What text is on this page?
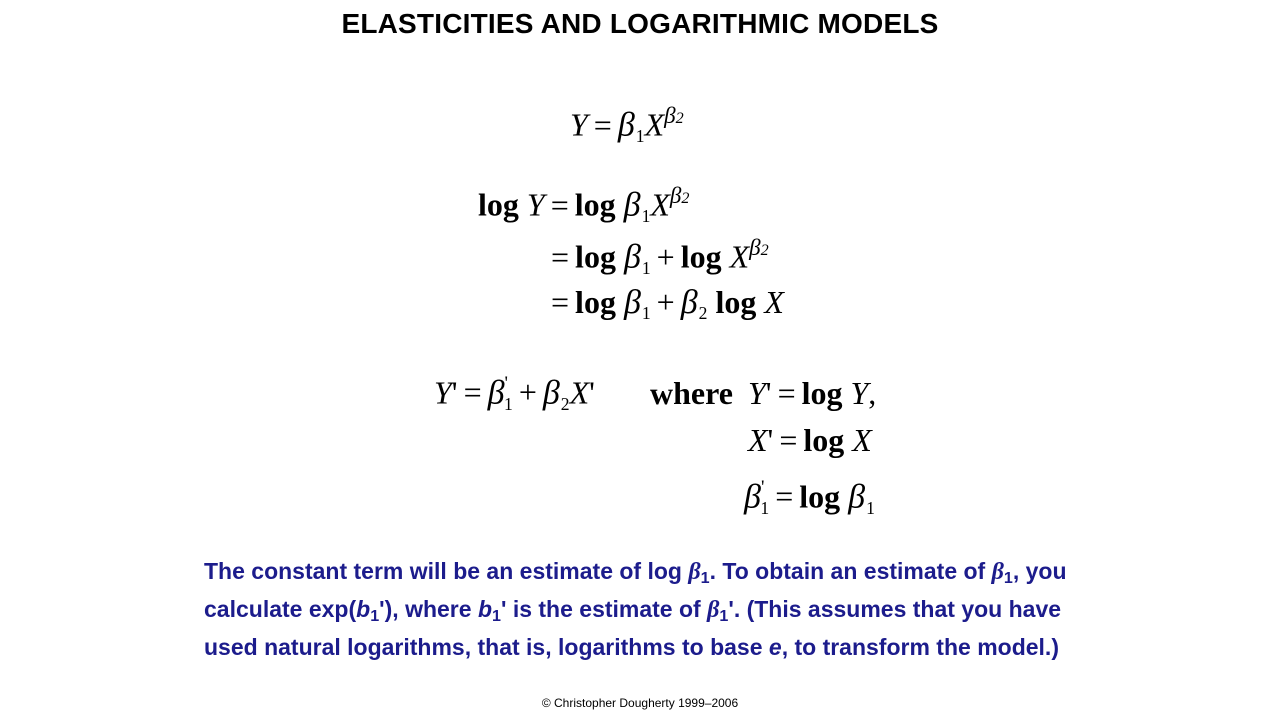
ELASTICITIES AND LOGARITHMIC MODELS
$Y = \beta_1X^{\beta 2}$
$\log Y = \log \beta_1X^{\beta 2}$
= $\log \beta_1 + \log X^{\beta 2}$
= $\log \beta_1 + \beta_2$ log X
$Y' = \beta'_1 + \beta_2X'$ where Y' = log Y,
X' = log X
$\beta'_1 = \log \beta_1$
The constant term will be an estimate of log β1. To obtain an estimate of β1, you calculate exp(b1'), where b1' is the estimate of β1'. (This assumes that you have used natural logarithms, that is, logarithms to base e, to transform the model.)
© Christopher Dougherty 1999–2006
